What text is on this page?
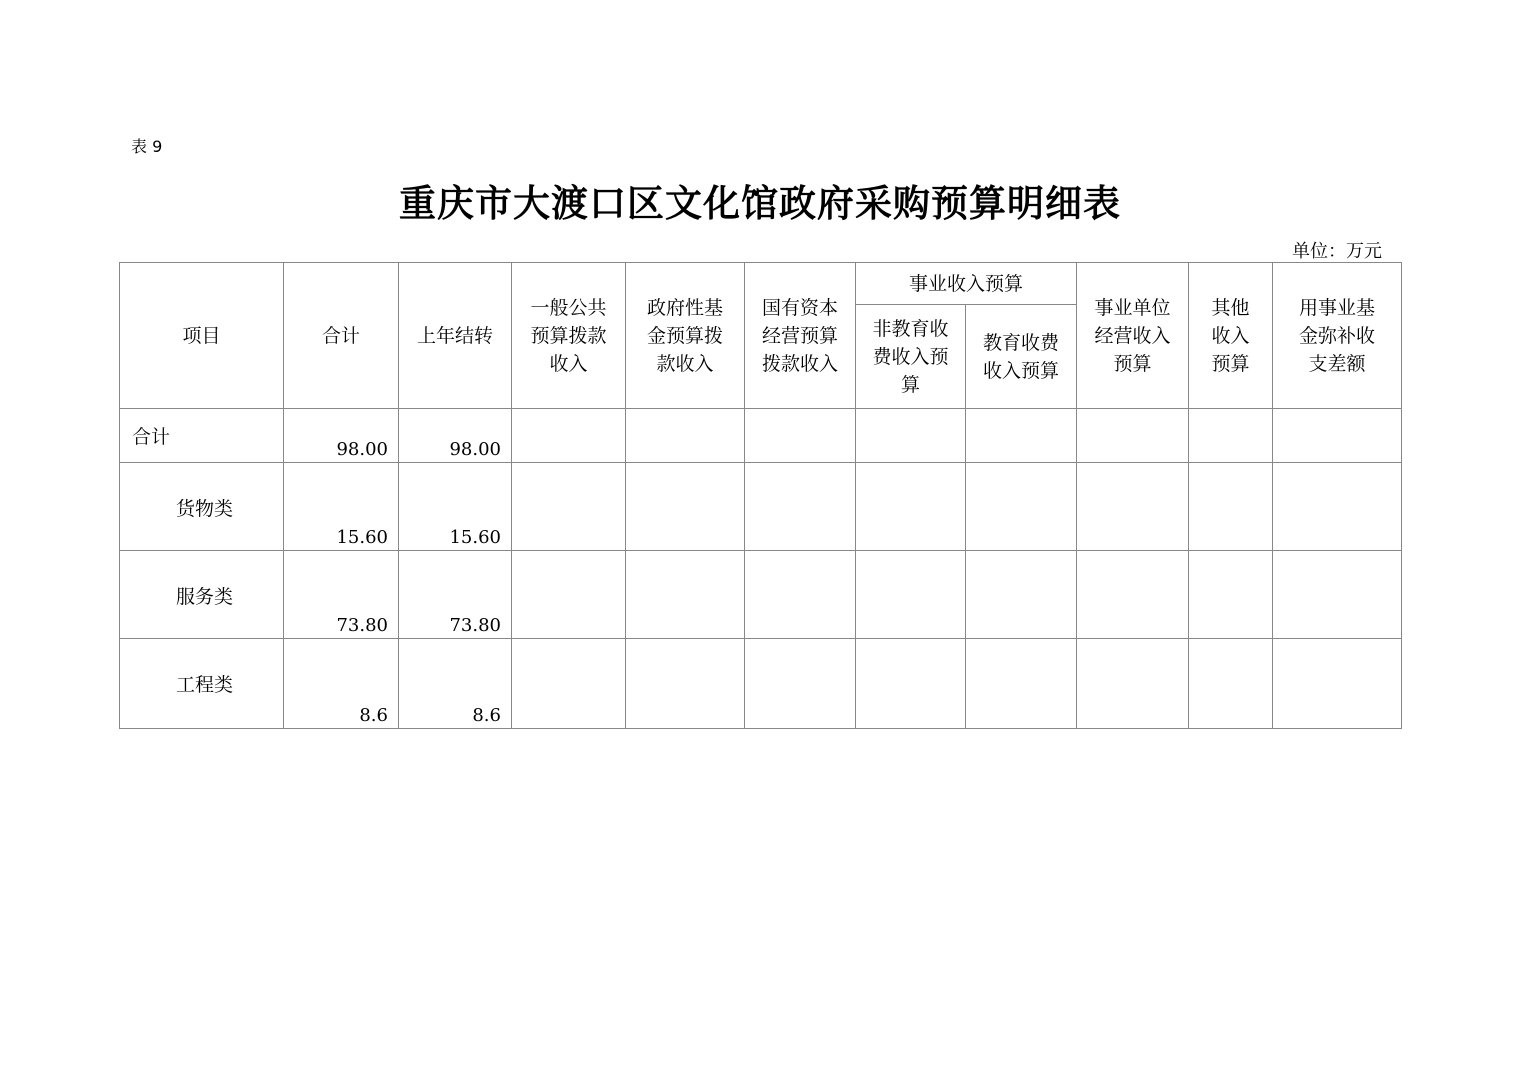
表 9
重庆市大渡口区文化馆政府采购预算明细表
单位：万元
项目	合计	上年结转	一般公共预算拨款收入	政府性基金预算拨款收入	国有资本经营预算拨款收入	事业收入预算		事业单位经营收入预算	其他收入预算	用事业基金弥补收支差额
						非教育收费收入预算	教育收费收入预算			

合计	98.00	98.00								

货物类	15.60	15.60								

服务类	73.80	73.80								

工程类	8.6	8.6								
